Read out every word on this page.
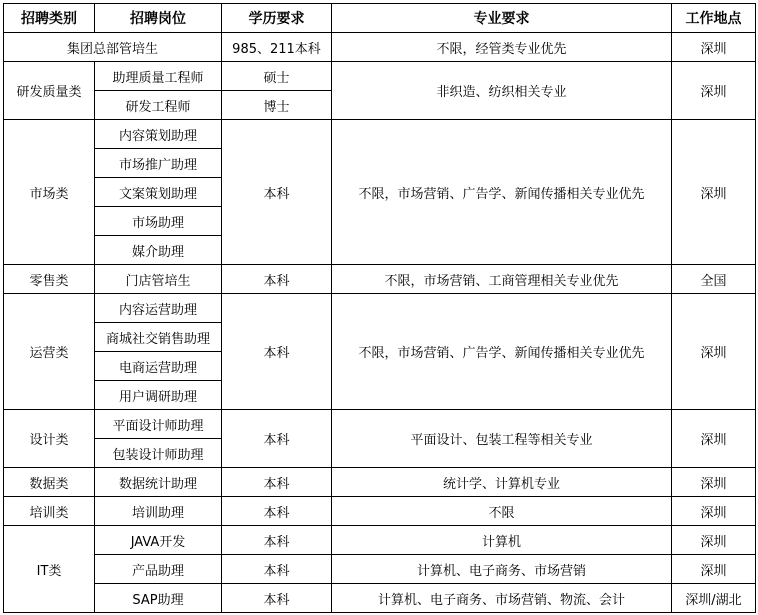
招聘类别	招聘岗位	学历要求	专业要求	工作地点
集团总部管培生		985、211本科	不限，经管类专业优先	深圳
研发质量类	助理质量工程师	硕士	非织造、纺织相关专业	深圳
	研发工程师	博士		
市场类	内容策划助理	本科	不限，市场营销、广告学、新闻传播相关专业优先	深圳
	市场推广助理			
	文案策划助理			
	市场助理			
	媒介助理			
零售类	门店管培生	本科	不限，市场营销、工商管理相关专业优先	全国
运营类	内容运营助理	本科	不限，市场营销、广告学、新闻传播相关专业优先	深圳
	商城社交销售助理			
	电商运营助理			
	用户调研助理			
设计类	平面设计师助理	本科	平面设计、包装工程等相关专业	深圳
	包装设计师助理			
数据类	数据统计助理	本科	统计学、计算机专业	深圳
培训类	培训助理	本科	不限	深圳
IT类	JAVA开发	本科	计算机	深圳
	产品助理	本科	计算机、电子商务、市场营销	深圳
	SAP助理	本科	计算机、电子商务、市场营销、物流、会计	深圳/湖北
